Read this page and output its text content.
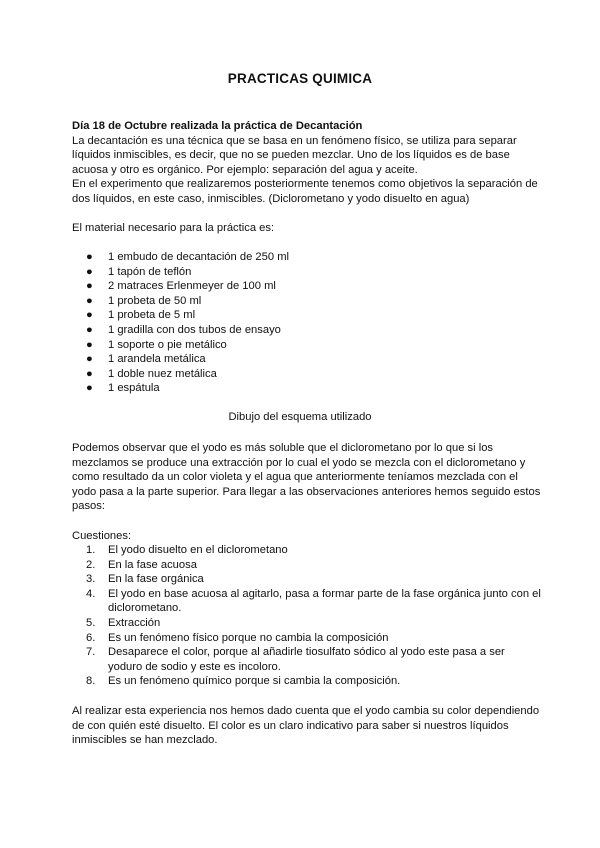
PRACTICAS QUIMICA

Día 18 de Octubre realizada la práctica de Decantación

La decantación es una técnica que se basa en un fenómeno físico, se utiliza para separar líquidos inmiscibles, es decir, que no se pueden mezclar. Uno de los líquidos es de base acuosa y otro es orgánico. Por ejemplo: separación del agua y aceite.

En el experimento que realizaremos posteriormente tenemos como objetivos la separación de dos líquidos, en este caso, inmiscibles. (Diclorometano y yodo disuelto en agua)

El material necesario para la práctica es:
● 1 embudo de decantación de 250 ml
● 1 tapón de teflón
● 2 matraces Erlenmeyer de 100 ml
● 1 probeta de 50 ml
● 1 probeta de 5 ml
● 1 gradilla con dos tubos de ensayo
● 1 soporte o pie metálico
● 1 arandela metálica
● 1 doble nuez metálica
● 1 espátula
Dibujo del esquema utilizado
Podemos observar que el yodo es más soluble que el diclorometano por lo que si los mezclamos se produce una extracción por lo cual el yodo se mezcla con el diclorometano y como resultado da un color violeta y el agua que anteriormente teníamos mezclada con el yodo pasa a la parte superior. Para llegar a las observaciones anteriores hemos seguido estos pasos:
Cuestiones:
1. El yodo disuelto en el diclorometano
2. En la fase acuosa
3. En la fase orgánica
4. El yodo en base acuosa al agitarlo, pasa a formar parte de la fase orgánica junto con el diclorometano.
5. Extracción
6. Es un fenómeno físico porque no cambia la composición
7. Desaparece el color, porque al añadirle tiosulfato sódico al yodo este pasa a ser yoduro de sodio y este es incoloro.
8. Es un fenómeno químico porque si cambia la composición.
Al realizar esta experiencia nos hemos dado cuenta que el yodo cambia su color dependiendo de con quién esté disuelto. El color es un claro indicativo para saber si nuestros líquidos inmiscibles se han mezclado.
